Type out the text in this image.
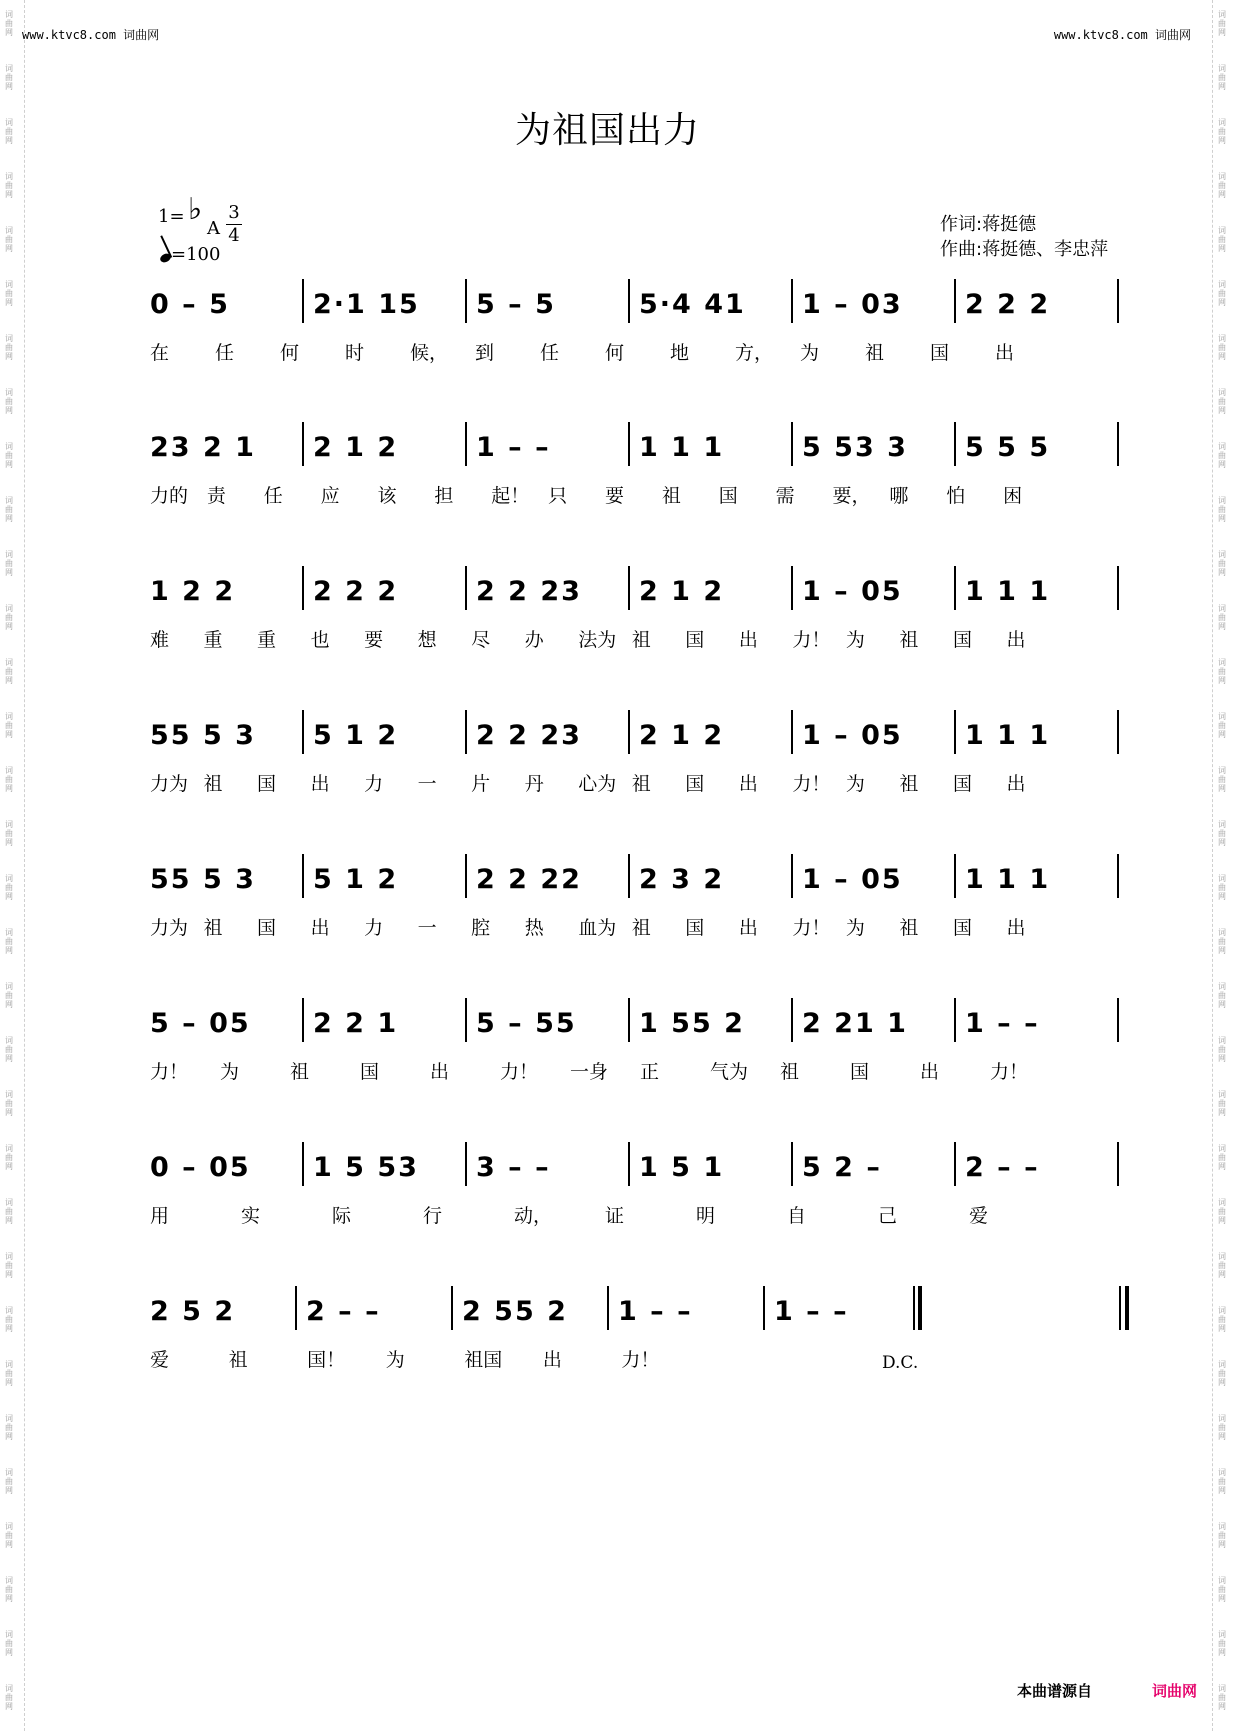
词
曲
网
词
曲
网
词
曲
网
词
曲
网
词
曲
网
词
曲
网
词
曲
网
词
曲
网
词
曲
网
词
曲
网
词
曲
网
词
曲
网
词
曲
网
词
曲
网
词
曲
网
词
曲
网
词
曲
网
词
曲
网
词
曲
网
词
曲
网
词
曲
网
词
曲
网
词
曲
网
词
曲
网
词
曲
网
词
曲
网
词
曲
网
词
曲
网
词
曲
网
词
曲
网
词
曲
网
词
曲
网
词
曲
网
词
曲
网
词
曲
网
词
曲
网
词
曲
网
词
曲
网
词
曲
网
词
曲
网
词
曲
网
词
曲
网
词
曲
网
词
曲
网
词
曲
网
词
曲
网
词
曲
网
词
曲
网
词
曲
网
词
曲
网
词
曲
网
词
曲
网
词
曲
网
词
曲
网
词
曲
网
词
曲
网
词
曲
网
词
曲
网
词
曲
网
词
曲
网
词
曲
网
词
曲
网
词
曲
网
词
曲
网
www.ktvc8.com 词曲网	www.ktvc8.com 词曲网
为祖国出力
1= ♭
A $\frac{3}{4}$
=100
作词:蒋挺德
作曲:蒋挺德、李忠萍
0 – 5	2·1 15 5 – 5	5·4 41 1 – 03 2 2 2
在 任 何 时 候， 到 任 何 地 方， 为 祖 国 出
23 2 1 2 1 2	1 – –	1 1 1	5 53 3 5 5 5
力的 责 任 应 该 担 起！ 只 要 祖 国 需 要， 哪 怕 困
1 2 2	2 2 2	2 2 23 2 1 2	1 – 05 1 1 1
难 重 重 也 要 想 尽 办 法为 祖 国 出 力！ 为 祖 国 出
55 5 3 5 1 2	2 2 23 2 1 2	1 – 05 1 1 1
力为 祖 国 出 力 一 片 丹 心为 祖 国 出 力！ 为 祖 国 出
55 5 3 5 1 2	2 2 22 2 3 2	1 – 05 1 1 1
力为 祖 国 出 力 一 腔 热 血为 祖 国 出 力！ 为 祖 国 出
5 – 05 2 2 1	5 – 55 1 55 2 2 21 1 1 – –
力！ 为	祖	国	出	力！ 一身 正	气为 祖	国	出	力！
0 – 05 1 5 53 3 – –	1 5 1	5 2 –	2 – –
用	实	际	行	动，	证	明	自	己	爱
D.C.
2 5 2	2 – –	2 55 2 1 – –	1 – –
爱	祖	国！ 为	祖国 出	力！
本曲谱源自	词曲网
